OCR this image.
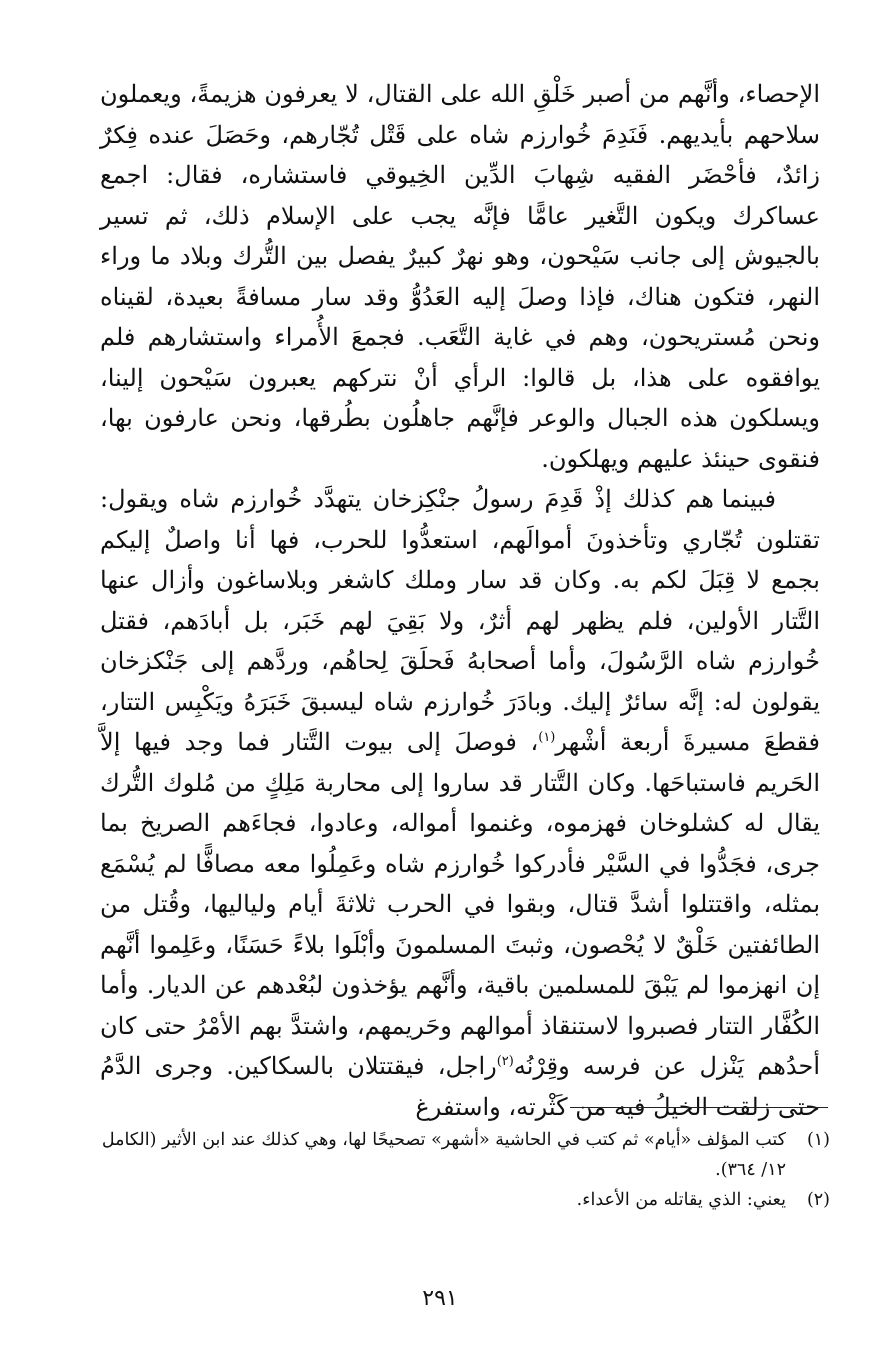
الإحصاء، وأنَّهم من أصبر خَلْقِ الله على القتال، لا يعرفون هزيمةً، ويعملون سلاحهم بأيديهم. فَنَدِمَ خُوارزم شاه على قَتْل تُجّارهم، وحَصَلَ عنده فِكرٌ زائدٌ، فأحْضَر الفقيه شِهابَ الدِّين الخِيوقي فاستشاره، فقال: اجمع عساكرك ويكون التَّغير عامًّا فإنَّه يجب على الإسلام ذلك، ثم تسير بالجيوش إلى جانب سَيْحون، وهو نهرٌ كبيرٌ يفصل بين التُّرك وبلاد ما وراء النهر، فتكون هناك، فإذا وصلَ إليه العَدُوُّ وقد سار مسافةً بعيدة، لقيناه ونحن مُستريحون، وهم في غاية التَّعَب. فجمعَ الأُمراء واستشارهم فلم يوافقوه على هذا، بل قالوا: الرأي أنْ نتركهم يعبرون سَيْحون إلينا، ويسلكون هذه الجبال والوعر فإنَّهم جاهلُون بطُرقها، ونحن عارفون بها، فنقوى حينئذ عليهم ويهلكون.

فبينما هم كذلك إذْ قَدِمَ رسولُ جنْكِزخان يتهدَّد خُوارزم شاه ويقول: تقتلون تُجّاري وتأخذونَ أموالَهم، استعدُّوا للحرب، فها أنا واصلٌ إليكم بجمع لا قِبَلَ لكم به. وكان قد سار وملك كاشغر وبلاساغون وأزال عنها التَّتار الأولين، فلم يظهر لهم أثرٌ، ولا بَقِيَ لهم خَبَر، بل أبادَهم، فقتل خُوارزم شاه الرَّسُولَ، وأما أصحابهُ فَحلَقَ لِحاهُم، وردَّهم إلى جَنْكزخان يقولون له: إنَّه سائرٌ إليك. وبادَرَ خُوارزم شاه ليسبقَ خَبَرَهُ ويَكْبِس التتار، فقطعَ مسيرةَ أربعة أشْهر$^{(١)}$، فوصلَ إلى بيوت التَّتار فما وجد فيها إلاَّ الحَريم فاستباحَها. وكان التَّتار قد ساروا إلى محاربة مَلِكٍ من مُلوك التُّرك يقال له كشلوخان فهزموه، وغنموا أمواله، وعادوا، فجاءَهم الصريخ بما جرى، فجَدُّوا في السَّيْر فأدركوا خُوارزم شاه وعَمِلُوا معه مصافًّا لم يُسْمَع بمثله، واقتتلوا أشدَّ قتال، وبقوا في الحرب ثلاثةَ أيام ولياليها، وقُتل من الطائفتين خَلْقٌ لا يُحْصون، وثبتَ المسلمونَ وأبْلَوا بلاءً حَسَنًا، وعَلِموا أنَّهم إن انهزموا لم يَبْقَ للمسلمين باقية، وأنَّهم يؤخذون لبُعْدهم عن الديار. وأما الكُفَّار التتار فصبروا لاستنقاذ أموالهم وحَريمهم، واشتدَّ بهم الأمْرُ حتى كان أحدُهم يَنْزل عن فرسه وقِرْنُه$^{(٢)}$راجل، فيقتتلان بالسكاكين. وجرى الدَّمُ حتى زلقت الخيلُ فيه من كَثْرته، واستفرغ

(١)
كتب المؤلف «أيام» ثم كتب في الحاشية «أشهر» تصحيحًا لها، وهي كذلك عند ابن الأثير (الكامل ١٢/ ٣٦٤).
(٢)
يعني: الذي يقاتله من الأعداء.
٢٩١
